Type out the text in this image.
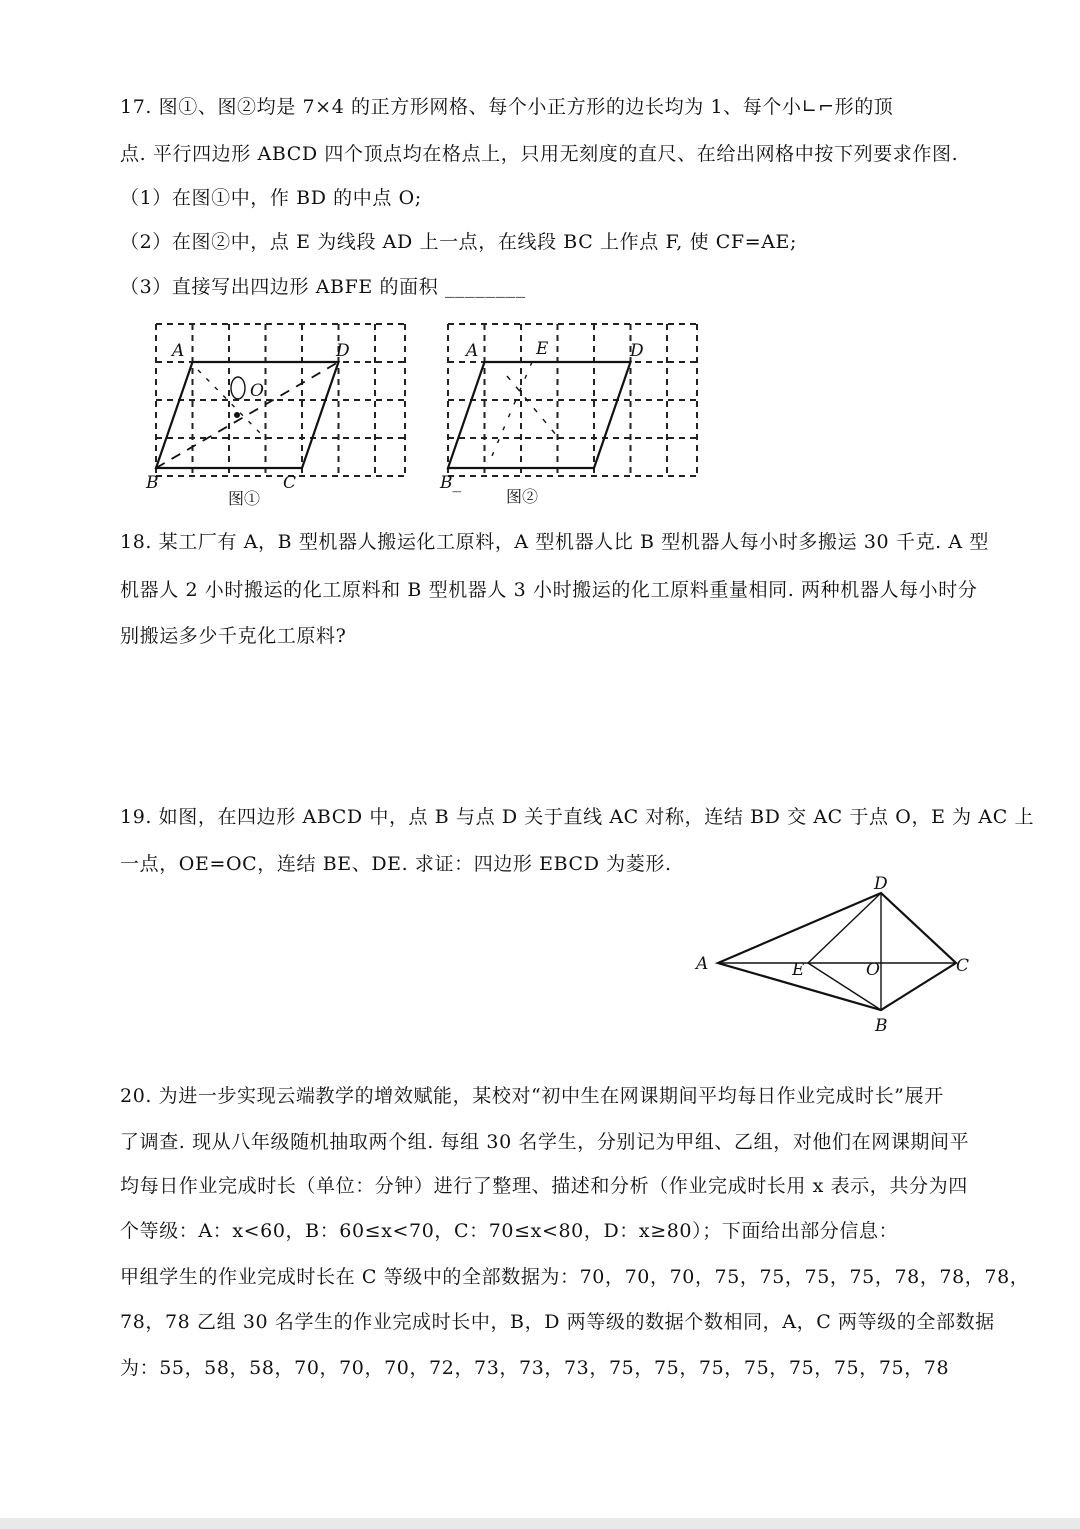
17. 图①、图②均是 7×4 的正方形网格、每个小正方形的边长均为 1、每个小∟⌐形的顶
点. 平行四边形 ABCD 四个顶点均在格点上，只用无刻度的直尺、在给出网格中按下列要求作图.
（1）在图①中，作 BD 的中点 O;
（2）在图②中，点 E 为线段 AD 上一点，在线段 BC 上作点 F, 使 CF=AE;
（3）直接写出四边形 ABFE 的面积 ________
A	D
B	C
O
图①
A	E	D
B_
图②
18. 某工厂有 A，B 型机器人搬运化工原料，A 型机器人比 B 型机器人每小时多搬运 30 千克. A 型
机器人 2 小时搬运的化工原料和 B 型机器人 3 小时搬运的化工原料重量相同. 两种机器人每小时分
别搬运多少千克化工原料?
19. 如图，在四边形 ABCD 中，点 B 与点 D 关于直线 AC 对称，连结 BD 交 AC 于点 O，E 为 AC 上
一点，OE=OC，连结 BE、DE. 求证：四边形 EBCD 为菱形.
A
D
C
B
E	O
20. 为进一步实现云端教学的增效赋能，某校对“初中生在网课期间平均每日作业完成时长”展开
了调查. 现从八年级随机抽取两个组. 每组 30 名学生，分别记为甲组、乙组，对他们在网课期间平
均每日作业完成时长（单位：分钟）进行了整理、描述和分析（作业完成时长用 x 表示，共分为四
个等级：A：x<60，B：60≤x<70，C：70≤x<80，D：x≥80）；下面给出部分信息：
甲组学生的作业完成时长在 C 等级中的全部数据为：70，70，70，75，75，75，75，78，78，78，
78，78 乙组 30 名学生的作业完成时长中，B，D 两等级的数据个数相同，A，C 两等级的全部数据
为：55，58，58，70，70，70，72，73，73，73，75，75，75，75，75，75，75，78
